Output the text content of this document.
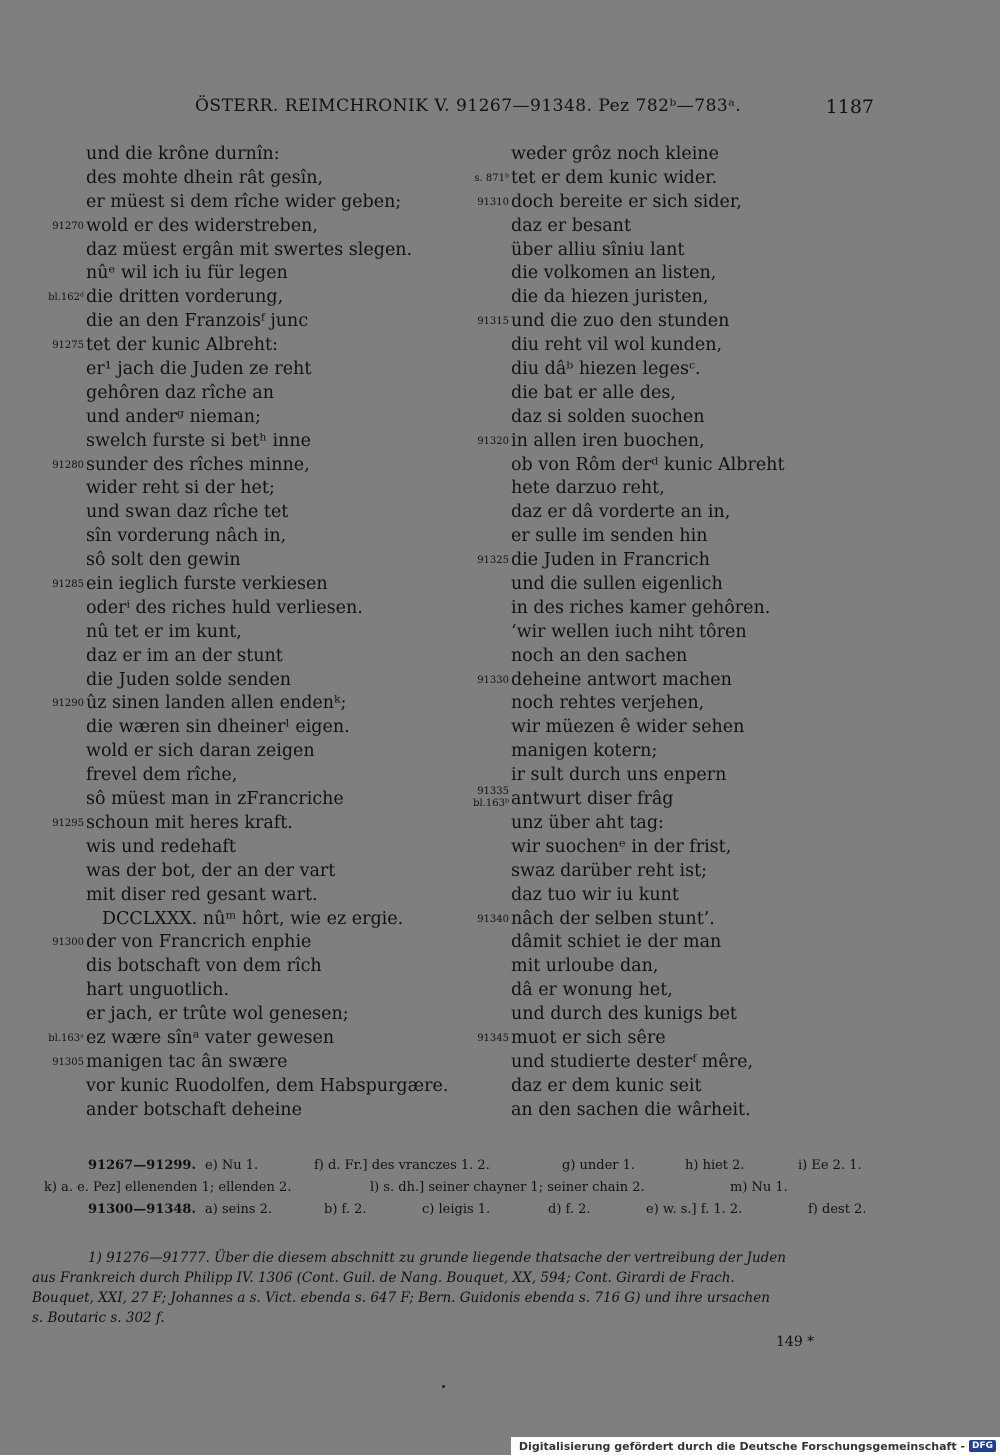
ÖSTERR. REIMCHRONIK V. 91267—91348. Pez 782ᵇ—783ᵃ.	1187
und die krône durnîn:
des mohte dhein rât gesîn,
er müest si dem rîche wider geben;
91270 wold er des widerstreben,
daz müest ergân mit swertes slegen.
nûᵉ wil ich iu für legen
bl.162ᵈ die dritten vorderung,
die an den Franzoisᶠ junc
91275 tet der kunic Albreht:
er¹ jach die Juden ze reht
gehôren daz rîche an
und anderᵍ nieman;
swelch furste si betʰ inne
91280 sunder des rîches minne,
wider reht si der het;
und swan daz rîche tet
sîn vorderung nâch in,
sô solt den gewin
91285 ein ieglich furste verkiesen
oderⁱ des riches huld verliesen.
nû tet er im kunt,
daz er im an der stunt
die Juden solde senden
91290 ûz sinen landen allen endenᵏ;
die wæren sin dheinerˡ eigen.
wold er sich daran zeigen
frevel dem rîche,
sô müest man in zFrancriche
91295 schoun mit heres kraft.
wis und redehaft
was der bot, der an der vart
mit diser red gesant wart.
DCCLXXX. nûᵐ hôrt, wie ez ergie.
91300 der von Francrich enphie
dis botschaft von dem rîch
hart unguotlich.
er jach, er trûte wol genesen;
bl.163ᵃ ez wære sînᵃ vater gewesen
91305 manigen tac ân swære
vor kunic Ruodolfen, dem Habspurgære.
ander botschaft deheine
weder grôz noch kleine
s. 871ᵇ tet er dem kunic wider.
91310 doch bereite er sich sider,
daz er besant
über alliu sîniu lant
die volkomen an listen,
die da hiezen juristen,
91315 und die zuo den stunden
diu reht vil wol kunden,
diu dâᵇ hiezen legesᶜ.
die bat er alle des,
daz si solden suochen
91320 in allen iren buochen,
ob von Rôm derᵈ kunic Albreht
hete darzuo reht,
daz er dâ vorderte an in,
er sulle im senden hin
91325 die Juden in Francrich
und die sullen eigenlich
in des riches kamer gehôren.
‘wir wellen iuch niht tôren
noch an den sachen
91330 deheine antwort machen
noch rehtes verjehen,
wir müezen ê wider sehen
manigen kotern;
ir sult durch uns enpern
91335
bl.163ᵇ antwurt diser frâg
unz über aht tag:
wir suochenᵉ in der frist,
swaz darüber reht ist;
daz tuo wir iu kunt
91340 nâch der selben stunt’.
dâmit schiet ie der man
mit urloube dan,
dâ er wonung het,
und durch des kunigs bet
91345 muot er sich sêre
und studierte desterᶠ mêre,
daz er dem kunic seit
an den sachen die wârheit.
91267—91299. e) Nu 1.	f) d. Fr.] des vranczes 1. 2.	g) under 1.	h) hiet 2.	i) Ee 2. 1.
k) a. e. Pez] ellenenden 1; ellenden 2.	l) s. dh.] seiner chayner 1; seiner chain 2.	m) Nu 1.
91300—91348. a) seins 2.	b) f. 2.	c) leigis 1.	d) f. 2.	e) w. s.] f. 1. 2.	f) dest 2.
1) 91276—91777. Über die diesem abschnitt zu grunde liegende thatsache der vertreibung der Juden
aus Frankreich durch Philipp IV. 1306 (Cont. Guil. de Nang. Bouquet, XX, 594; Cont. Girardi de Frach.
Bouquet, XXI, 27 F; Johannes a s. Vict. ebenda s. 647 F; Bern. Guidonis ebenda s. 716 G) und ihre ursachen
s. Boutaric s. 302 f.
149 *
Digitalisierung gefördert durch die Deutsche Forschungsgemeinschaft - DFG
